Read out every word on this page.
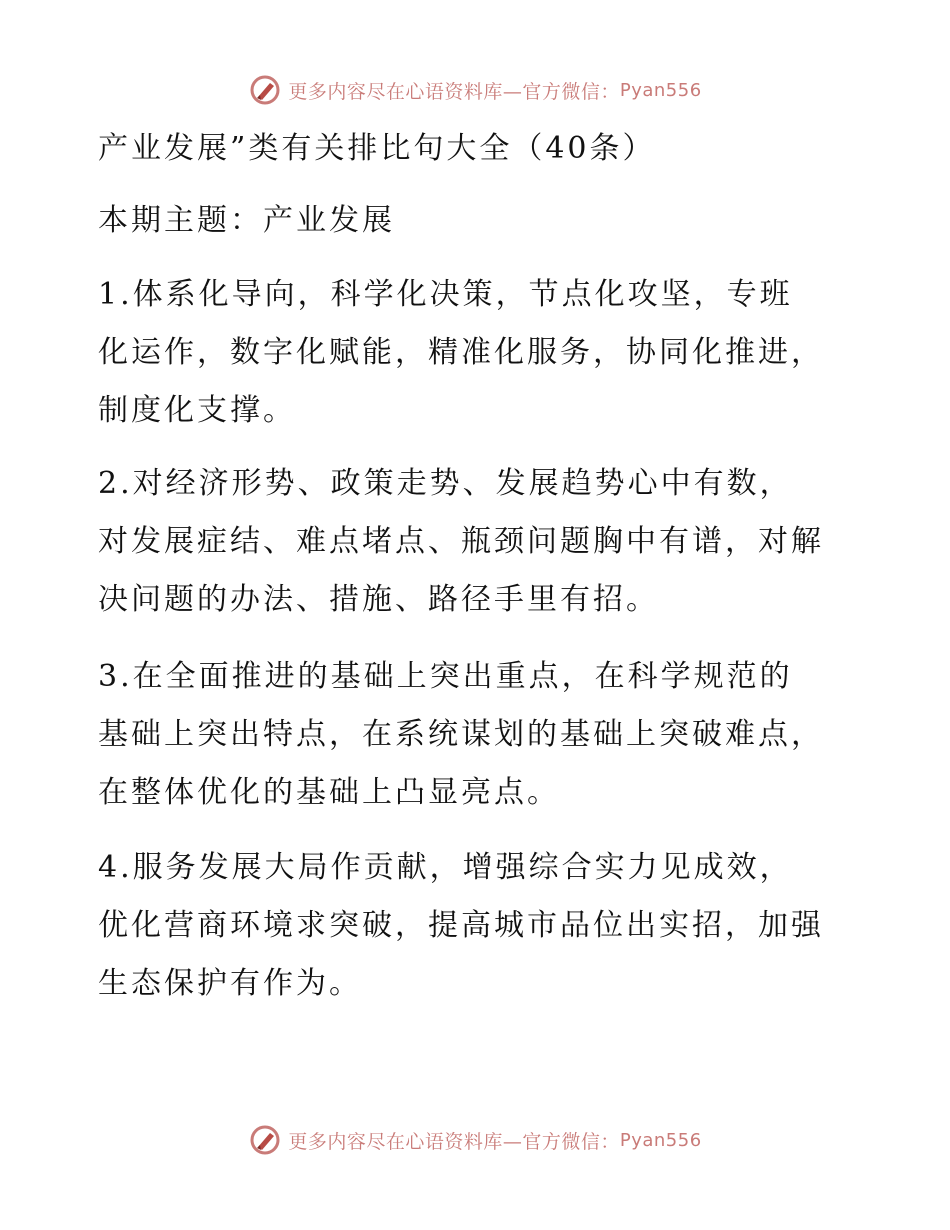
更多内容尽在心语资料库—官方微信： Pyan556
产业发展”类有关排比句大全（40条）
本期主题：产业发展
1.体系化导向，科学化决策，节点化攻坚，专班
化运作，数字化赋能，精准化服务，协同化推进，
制度化支撑。
2.对经济形势、政策走势、发展趋势心中有数，
对发展症结、难点堵点、瓶颈问题胸中有谱，对解
决问题的办法、措施、路径手里有招。
3.在全面推进的基础上突出重点，在科学规范的
基础上突出特点，在系统谋划的基础上突破难点，
在整体优化的基础上凸显亮点。
4.服务发展大局作贡献，增强综合实力见成效，
优化营商环境求突破，提高城市品位出实招，加强
生态保护有作为。
更多内容尽在心语资料库—官方微信： Pyan556
